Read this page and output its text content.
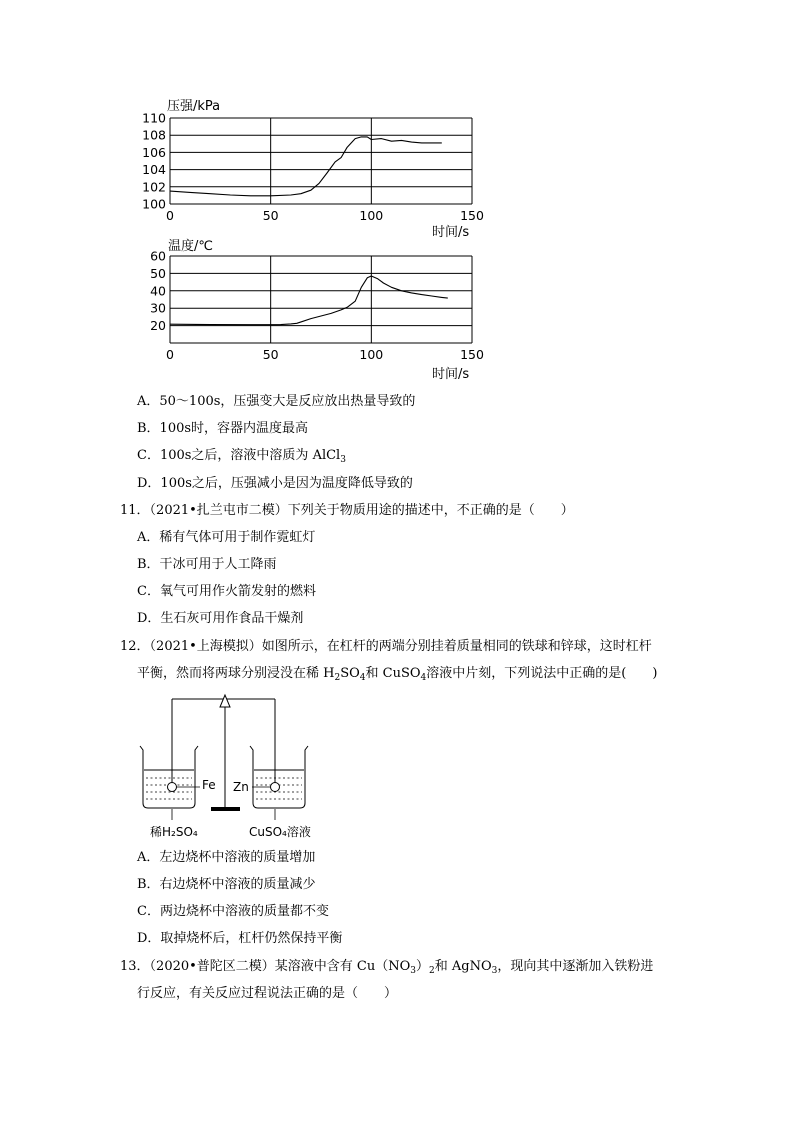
压强/kPa
时间/s
100
102
104
106
108
110
0	50	100	150
温度/℃
时间/s
20
30
40
50
60
0	50	100	150
A．50～100s，压强变大是反应放出热量导致的
B．100s时，容器内温度最高
C．100s之后，溶液中溶质为 AlCl$_3$
D．100s之后，压强减小是因为温度降低导致的
11．（2021•扎兰屯市二模）下列关于物质用途的描述中，不正确的是（　　）
A．稀有气体可用于制作霓虹灯
B．干冰可用于人工降雨
C．氧气可用作火箭发射的燃料
D．生石灰可用作食品干燥剂
12．（2021•上海模拟）如图所示，在杠杆的两端分别挂着质量相同的铁球和锌球，这时杠杆
平衡，然而将两球分别浸没在稀 $H_2SO_4$和 CuSO$_4$溶液中片刻，下列说法中正确的是(　　)
Fe Zn
稀H₂SO₄	CuSO₄溶液
A．左边烧杯中溶液的质量增加
B．右边烧杯中溶液的质量减少
C．两边烧杯中溶液的质量都不变
D．取掉烧杯后，杠杆仍然保持平衡
13．（2020•普陀区二模）某溶液中含有 $Cu(NO_3)_2$和 AgNO$_3$，现向其中逐渐加入铁粉进
行反应，有关反应过程说法正确的是（　　）
